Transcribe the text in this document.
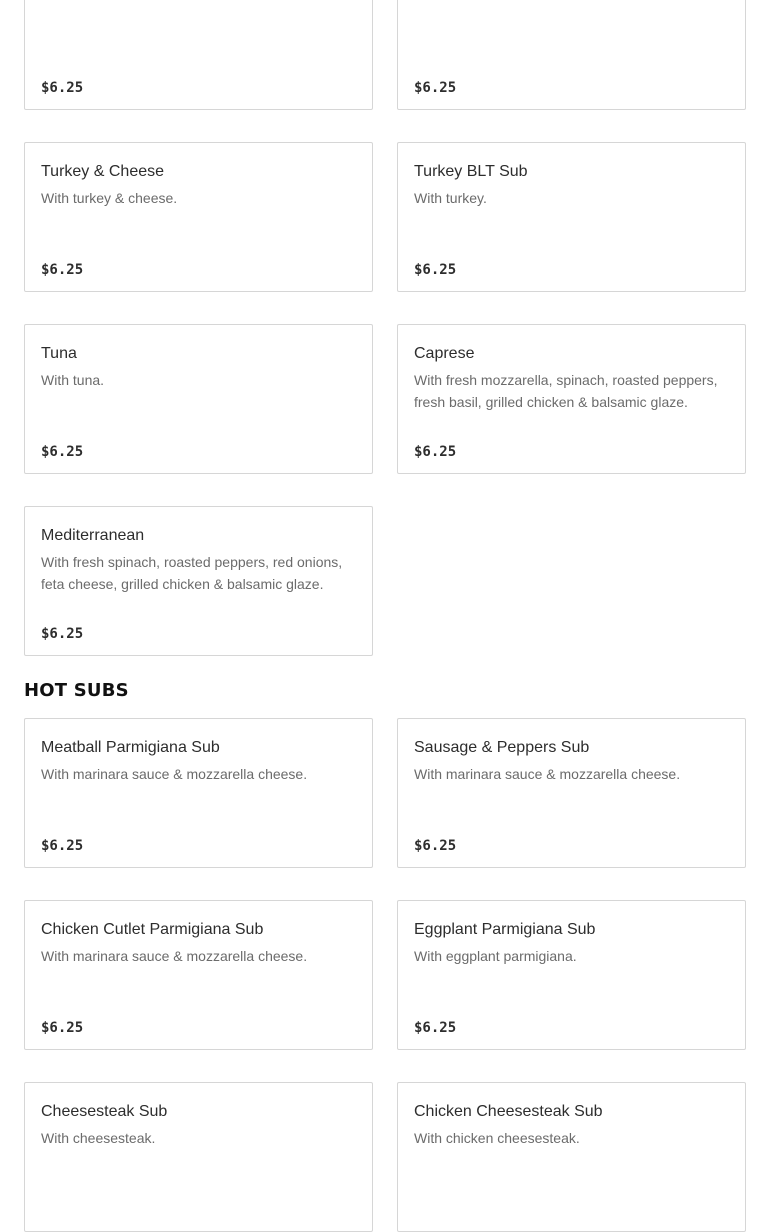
$6.25	$6.25
Turkey & Cheese
With turkey & cheese.
$6.25
Turkey BLT Sub
With turkey.
$6.25
Tuna
With tuna.
$6.25
Caprese
With fresh mozzarella, spinach, roasted peppers, fresh basil, grilled chicken & balsamic glaze.
$6.25
Mediterranean
With fresh spinach, roasted peppers, red onions, feta cheese, grilled chicken & balsamic glaze.
$6.25
HOT SUBS
Meatball Parmigiana Sub
With marinara sauce & mozzarella cheese.
$6.25
Sausage & Peppers Sub
With marinara sauce & mozzarella cheese.
$6.25
Chicken Cutlet Parmigiana Sub
With marinara sauce & mozzarella cheese.
$6.25
Eggplant Parmigiana Sub
With eggplant parmigiana.
$6.25
Cheesesteak Sub
With cheesesteak.
Chicken Cheesesteak Sub
With chicken cheesesteak.
